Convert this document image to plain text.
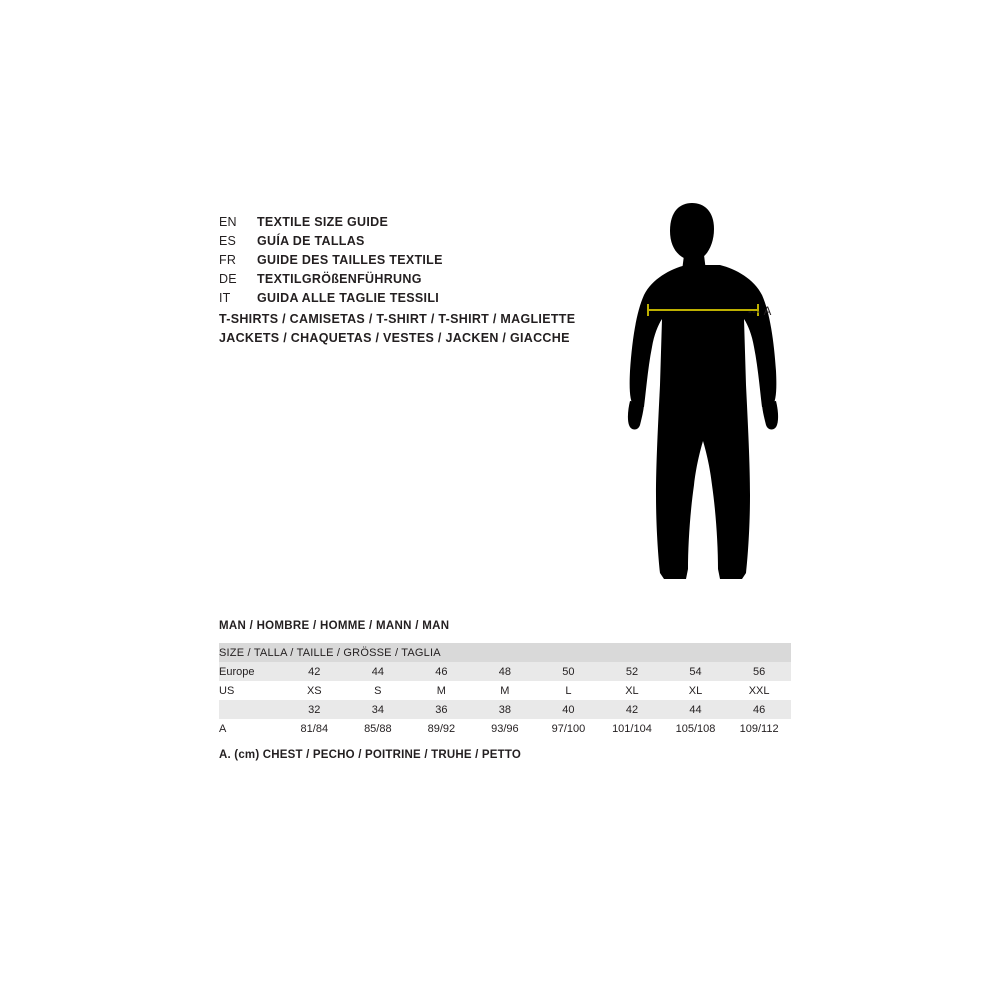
EN	TEXTILE SIZE GUIDE
ES	GUÍA DE TALLAS
FR	GUIDE DES TAILLES TEXTILE
DE	TEXTILGRÖßENFÜHRUNG
IT	GUIDA ALLE TAGLIE TESSILI
T-SHIRTS / CAMISETAS / T-SHIRT / T-SHIRT / MAGLIETTE
JACKETS / CHAQUETAS / VESTES / JACKEN / GIACCHE
--- A
MAN / HOMBRE / HOMME / MANN / MAN
SIZE / TALLA / TAILLE / GRÖSSE / TAGLIA								
Europe	42	44	46	48	50	52	54	56
US	XS	S	M	M	L	XL	XL	XXL
	32	34	36	38	40	42	44	46
A	81/84	85/88	89/92	93/96	97/100	101/104	105/108	109/112
A. (cm) CHEST / PECHO / POITRINE / TRUHE / PETTO
